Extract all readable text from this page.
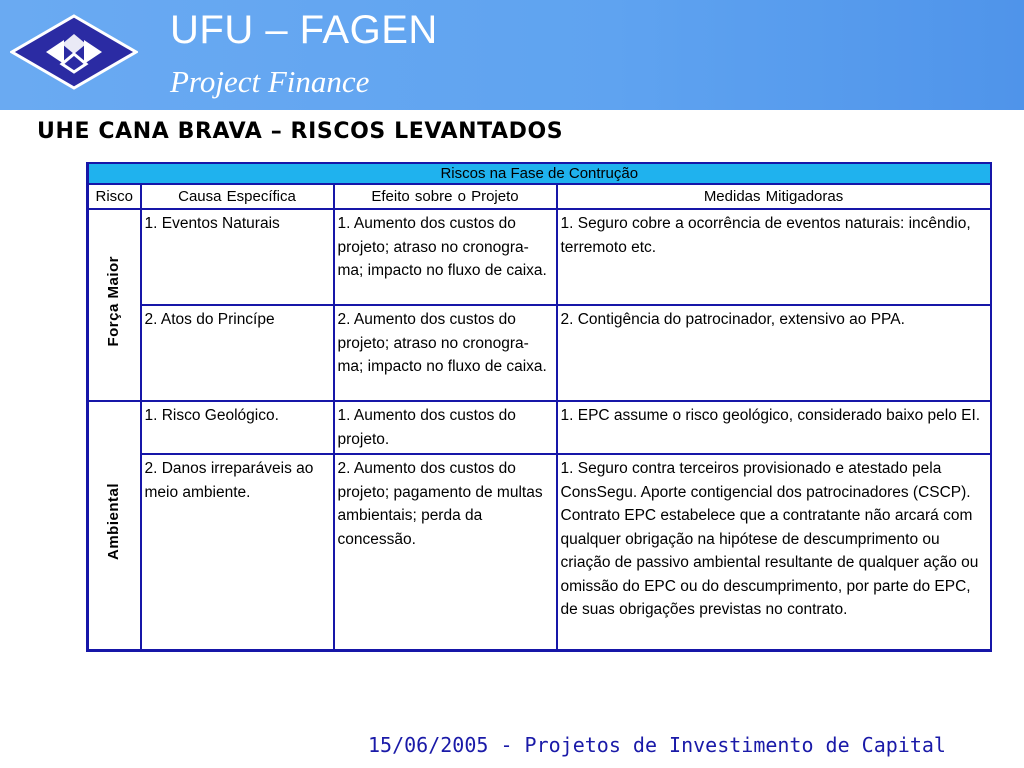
UFU – FAGEN
Project Finance
UHE CANA BRAVA – RISCOS LEVANTADOS
Riscos na Fase de Contrução			
Risco	Causa Específica	Efeito sobre o Projeto	Medidas Mitigadoras
Força Maior	1. Eventos Naturais	1. Aumento dos custos do projeto; atraso no cronogra- ma; impacto no fluxo de caixa.	1. Seguro cobre a ocorrência de eventos naturais: incêndio, terremoto etc.
	2. Atos do Princípe	2. Aumento dos custos do projeto; atraso no cronogra- ma; impacto no fluxo de caixa.	2. Contigência do patrocinador, extensivo ao PPA.
Ambiental	1. Risco Geológico.	1. Aumento dos custos do projeto.	1. EPC assume o risco geológico, considerado baixo pelo EI.
	2. Danos irreparáveis ao meio ambiente.	2. Aumento dos custos do projeto; pagamento de multas ambientais; perda da concessão.	1. Seguro contra terceiros provisionado e atestado pela ConsSegu. Aporte contigencial dos patrocinadores (CSCP). Contrato EPC estabelece que a contratante não arcará com qualquer obrigação na hipótese de descumprimento ou criação de passivo ambiental resultante de qualquer ação ou omissão do EPC ou do descumprimento, por parte do EPC, de suas obrigações previstas no contrato.
15/06/2005 - Projetos de Investimento de Capital
